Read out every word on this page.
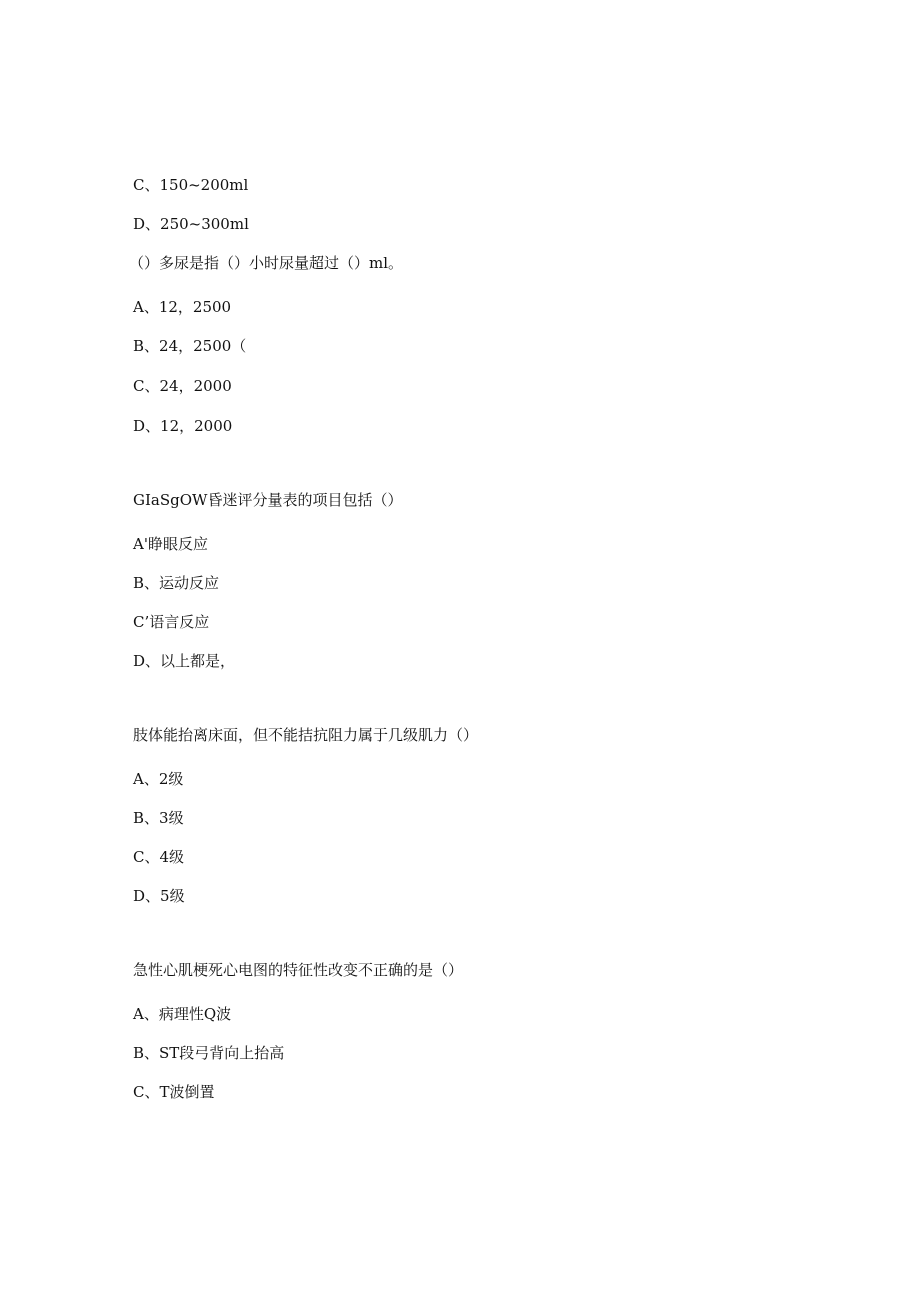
C、150~200ml
D、250~300ml
（）多尿是指（）小时尿量超过（）ml。
A、12，2500
B、24，2500（
C、24，2000
D、12，2000
GIaSgOW昏迷评分量表的项目包括（）
A'睁眼反应
B、运动反应
C’语言反应
D、以上都是，
肢体能抬离床面，但不能拮抗阻力属于几级肌力（）
A、2级
B、3级
C、4级
D、5级
急性心肌梗死心电图的特征性改变不正确的是（）
A、病理性Q波
B、ST段弓背向上抬高
C、T波倒置
